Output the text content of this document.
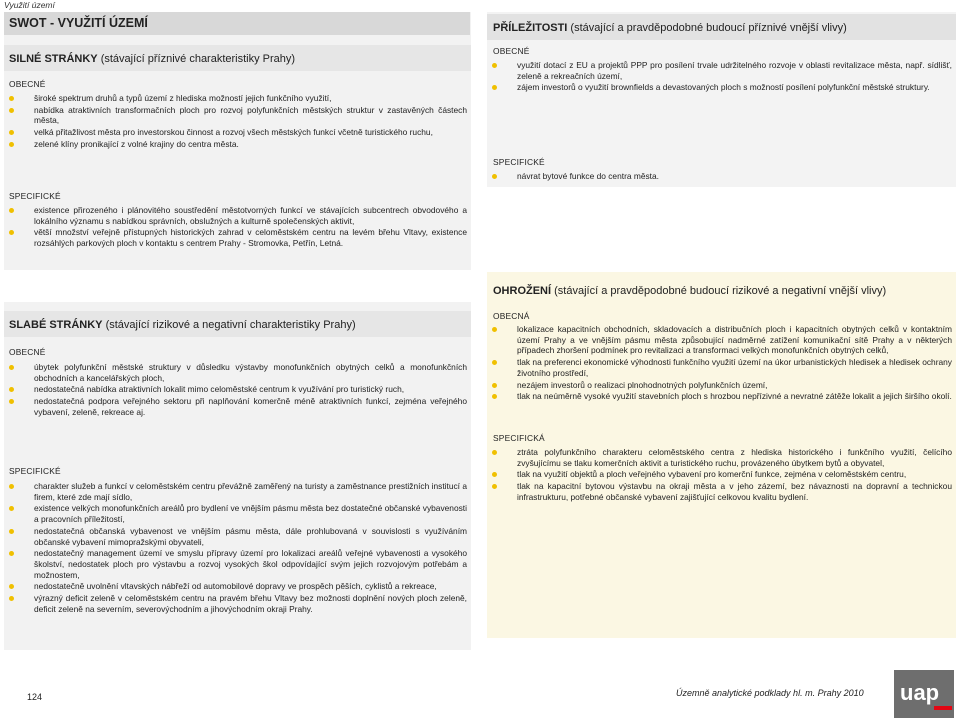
Využití území
SWOT - VYUŽITÍ ÚZEMÍ
SILNÉ STRÁNKY (stávající příznivé charakteristiky Prahy)
OBECNÉ
široké spektrum druhů a typů území z hlediska možností jejich funkčního využití,
nabídka atraktivních transformačních ploch pro rozvoj polyfunkčních městských struktur v zastavěných částech města,
velká přitažlivost města pro investorskou činnost a rozvoj všech městských funkcí včetně turistického ruchu,
zelené klíny pronikající z volné krajiny do centra města.
SPECIFICKÉ
existence přirozeného i plánovitého soustředění městotvorných funkcí ve stávajících subcentrech obvodového a lokálního významu s nabídkou správních, obslužných a kulturně společenských aktivit,
větší množství veřejně přístupných historických zahrad v celoměstském centru na levém břehu Vltavy, existence rozsáhlých parkových ploch v kontaktu s centrem Prahy - Stromovka, Petřín, Letná.
SLABÉ STRÁNKY (stávající rizikové a negativní charakteristiky Prahy)
OBECNÉ
úbytek polyfunkční městské struktury v důsledku výstavby monofunkčních obytných celků a monofunkčních obchodních a kancelářských ploch,
nedostatečná nabídka atraktivních lokalit mimo celoměstské centrum k využívání pro turistický ruch,
nedostatečná podpora veřejného sektoru při naplňování komerčně méně atraktivních funkcí, zejména veřejného vybavení, zeleně, rekreace aj.
SPECIFICKÉ
charakter služeb a funkcí v celoměstském centru převážně zaměřený na turisty a zaměstnance prestižních institucí a firem, které zde mají sídlo,
existence velkých monofunkčních areálů pro bydlení ve vnějším pásmu města bez dostatečné občanské vybavenosti a pracovních příležitostí,
nedostatečná občanská vybavenost ve vnějším pásmu města, dále prohlubovaná v souvislosti s využíváním občanské vybavení mimopražskými obyvateli,
nedostatečný management území ve smyslu přípravy území pro lokalizaci areálů veřejné vybavenosti a vysokého školství, nedostatek ploch pro výstavbu a rozvoj vysokých škol odpovídající svým jejich rozvojovým potřebám a možnostem,
nedostatečně uvolnění vltavských nábřeží od automobilové dopravy ve prospěch pěších, cyklistů a rekreace,
výrazný deficit zeleně v celoměstském centru na pravém břehu Vltavy bez možnosti doplnění nových ploch zeleně, deficit zeleně na severním, severovýchodním a jihovýchodním okraji Prahy.
PŘÍLEŽITOSTI (stávající a pravděpodobné budoucí příznivé vnější vlivy)
OBECNÉ
využití dotací z EU a projektů PPP pro posílení trvale udržitelného rozvoje v oblasti revitalizace města, např. sídlišť, zeleně a rekreačních území,
zájem investorů o využití brownfields a devastovaných ploch s možností posílení polyfunkční městské struktury.
SPECIFICKÉ
návrat bytové funkce do centra města.
OHROŽENÍ (stávající a pravděpodobné budoucí rizikové a negativní vnější vlivy)
OBECNÁ
lokalizace kapacitních obchodních, skladovacích a distribučních ploch i kapacitních obytných celků v kontaktním území Prahy a ve vnějším pásmu města způsobující nadměrné zatížení komunikační sítě Prahy a v některých případech zhoršení podmínek pro revitalizaci a transformaci velkých monofunkčních obytných celků,
tlak na preferenci ekonomické výhodnosti funkčního využití území na úkor urbanistických hledisek a hledisek ochrany životního prostředí,
nezájem investorů o realizaci plnohodnotných polyfunkčních území,
tlak na neúměrně vysoké využití stavebních ploch s hrozbou nepřízivné a nevratné zátěže lokalit a jejich širšího okolí.
SPECIFICKÁ
ztráta polyfunkčního charakteru celoměstského centra z hlediska historického i funkčního využití, čelícího zvyšujícímu se tlaku komerčních aktivit a turistického ruchu, provázeného úbytkem bytů a obyvatel,
tlak na využití objektů a ploch veřejného vybavení pro komerční funkce, zejména v celoměstském centru,
tlak na kapacitní bytovou výstavbu na okraji města a v jeho zázemí, bez návaznosti na dopravní a technickou infrastrukturu, potřebné občanské vybavení zajišťující celkovou kvalitu bydlení.
124	Územně analytické podklady hl. m. Prahy 2010 uap
